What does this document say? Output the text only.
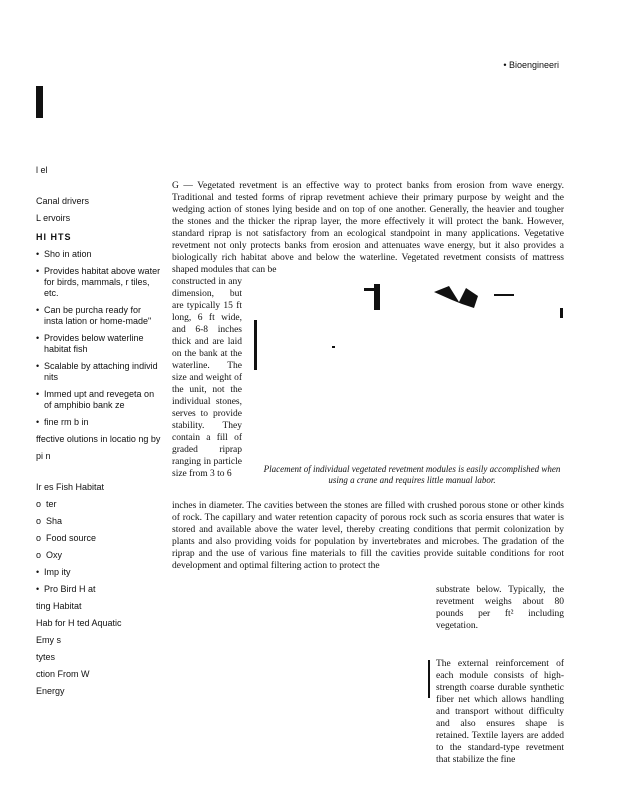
• Bioengineeri

l el

Canal drivers

L ervoirs

HI HTS

• Sho in ation
• Provides habitat above water for birds, mammals, r tiles, etc.
• Can be purcha ready for insta lation or home-made"
• Provides below waterline habitat fish
• Scalable by attaching individ nits
• Immed upt and revegeta on of amphibio bank ze
• fine rm b in

ffective olutions in locatio ng by

pi n

Ir es Fish Habitat

o ter
o Sha
o Food source
o Oxy
• Imp ity
• Pro Bird H at

ting Habitat

Hab for H ted Aquatic

Emy s

tytes

ction From W

Energy

G — Vegetated revetment is an effective way to protect banks from erosion from wave energy. Traditional and tested forms of riprap revetment achieve their primary purpose by weight and the wedging action of stones lying beside and on top of one another. Generally, the heavier and tougher the stones and the thicker the riprap layer, the more effectively it will protect the bank. However, standard riprap is not satisfactory from an ecological standpoint in many applications. Vegetative revetment not only protects banks from erosion and attenuates wave energy, but it also provides a biologically rich habitat above and below the waterline. Vegetated revetment consists of mattress shaped modules that can be
constructed in any dimension, but are typically 15 ft long, 6 ft wide, and 6-8 inches thick and are laid on the bank at the waterline. The size and weight of the unit, not the individual stones, serves to provide stability. They contain a fill of graded riprap ranging in particle size from 3 to 6	Placement of individual vegetated revetment modules is easily accomplished when using a crane and requires little manual labor.
inches in diameter. The cavities between the stones are filled with crushed porous stone or other kinds of rock. The capillary and water retention capacity of porous rock such as scoria ensures that water is stored and available above the water level, thereby creating conditions that permit colonization by plants and also providing voids for population by invertebrates and microbes. The gradation of the riprap and the use of various fine materials to fill the cavities provide suitable conditions for root development and optimal filtering action to protect the
substrate below. Typically, the revetment weighs about 80 pounds per ft² including vegetation.
The external reinforcement of each module consists of high-strength coarse durable synthetic fiber net which allows handling and transport without difficulty and also ensures shape is retained. Textile layers are added to the standard-type revetment that stabilize the fine
